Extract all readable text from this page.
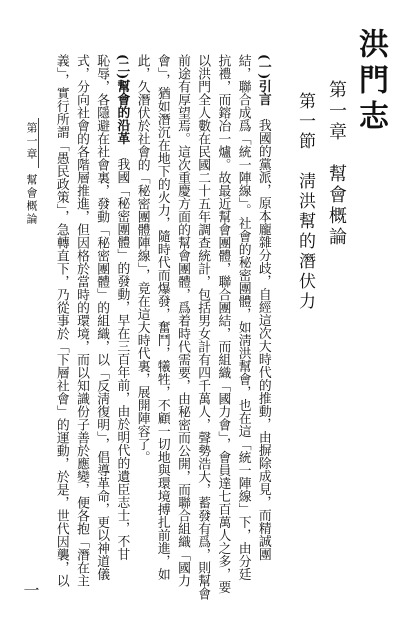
洪門志
第一章　幫會概論
第一節　淸洪幫的潛伏力
(一)引言　我國的黨派，原本龐雜分歧，自經這次大時代的推動，由摒除成見，而精誠團
結，聯合成爲「統一陣線」。社會的秘密團體，如淸洪幫會，也在這「統一陣線」下，由分廷
抗禮，而鎔冶一爐。故最近幫會團體，聯合團結，而組織「國力會」，會員達七百萬人之多，要
以洪門全人數在民國二十五年調查統計，包括男女計有四千萬人，聲勢浩大，蓄發有爲，則幫會
前途有厚望焉。這次重慶方面的幫會團體，爲着時代需要，由秘密而公開，而聯合組織「國力
會」，猶如潛沉在地下的火力，隨時代而爆發，奮鬥，犧牲，不顧一切地與環境搏扎前進，如
此，久潛伏於社會的「秘密團體陣線」，竟在這大時代裏，展開陣容了。
(二)幫會的沿革　我國「秘密團體」的發動，早在三百年前，由於明代的遺臣志士，不甘
恥辱，各隱避在社會裏，發動「秘密團體」的組織，以「反淸復明」，倡導革命，更以神道儀
式，分向社會的各階層推進，但因格於當時的環境，而以知識份子善於應變，便各抱「潛在主
義」，實行所謂「愚民政策」，急轉直下，乃從事於「下層社會」的運動，於是，世代因襲，以
第一章　幫會概論
一
